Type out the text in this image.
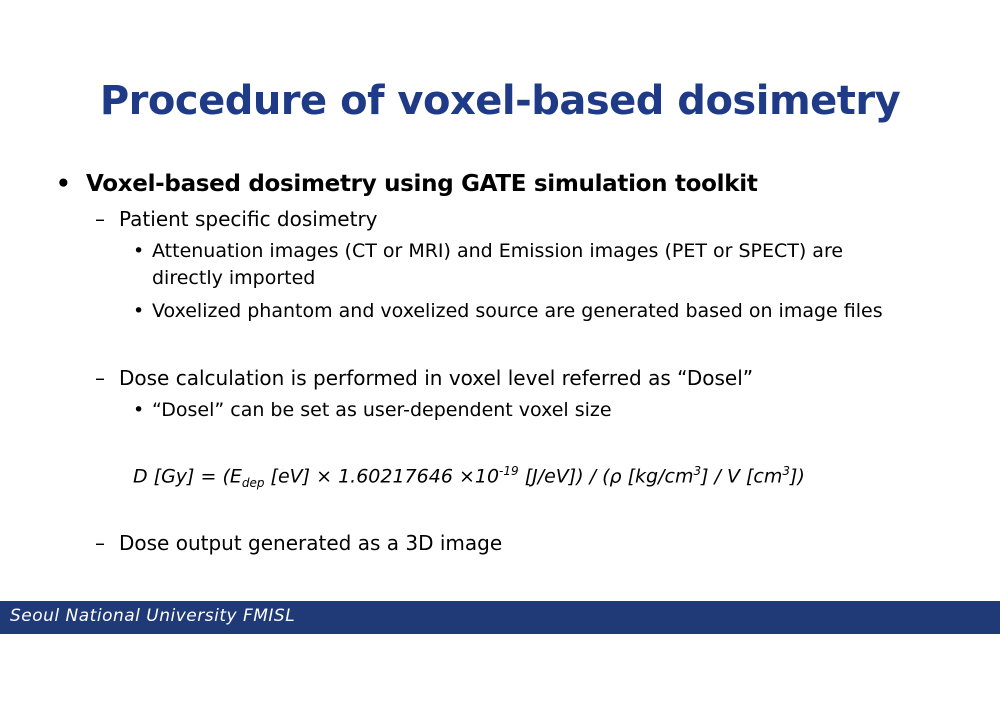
Procedure of voxel-based dosimetry
• Voxel-based dosimetry using GATE simulation toolkit
– Patient specific dosimetry
• Attenuation images (CT or MRI) and Emission images (PET or SPECT) are
directly imported
• Voxelized phantom and voxelized source are generated based on image files
– Dose calculation is performed in voxel level referred as “Dosel”
• “Dosel” can be set as user-dependent voxel size
D $[Gy] = (E_{dep}$ $[eV] \times 1.60217646 \times 10^{-19}$ [J/eV]) / (ρ $[kg/cm^3]$ / V $[cm^3]$)
– Dose output generated as a 3D image
Seoul National University FMISL
